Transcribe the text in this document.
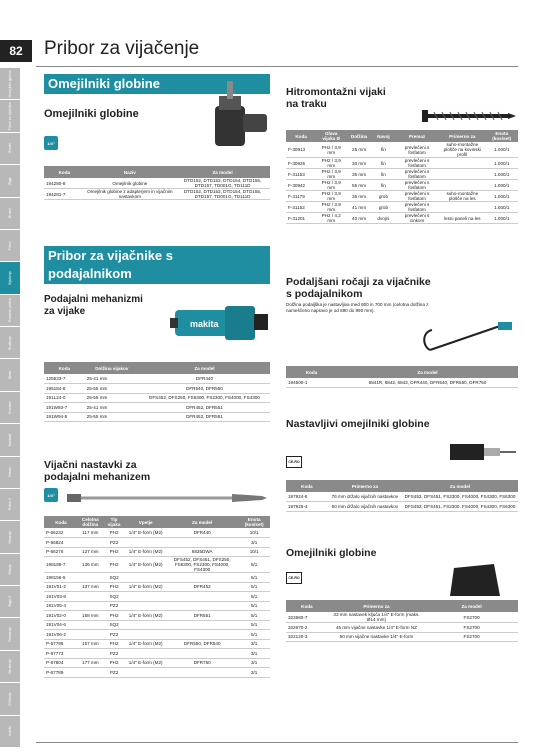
82	Pribor za vijačenje
Omejilniki globine
Pribor za vijačnike
Svedri
Žage
Brusni
Pribor
Vijačenje
Rezalne plošče
Brušenje
Dleta
Kronske
Nastavki
Ostalo
Pribor 2
Sesanje
Vrtanje
Žage 2
Rezkanje
Struženje
Čiščenje
Izdelki
Omejilniki globine
Omejilniki globine
1/4"
Koda	Naziv	Za model
194280-8	Omejilnik globine	DTD152, DTD153, DTD154, DTD155, DTD157, TD001G, TD111D
194281-7	Omejilnik globine z adapterjem in vijačnim nastavkom	DTD152, DTD153, DTD154, DTD155, DTD157, TD001G, TD111D
Pribor za vijačnike s
podajalnikom
Podajalni mehanizmi
za vijake
makita
Koda	Dolžina vijakov	Za model
125533-7	25-41 mm	DFR440
195184-8	25-55 mm	DFR540, DFR550
191L24-0	25-55 mm	DFS452, DFS250, FS6300, FS2300, FS4000, FS4300
191W93-7	25-41 mm	DFR452, DFR551
191W94-5	25-55 mm	DFR452, DFR551
Vijačni nastavki za
podajalni mehanizem
1/4"
Koda	Celotna dolžina	Tip vijaka	Vpetje	Za model	Enota (kos/set)
P-66232	117 mm	PH2	1/4" E-form (M2)	DFR440	10/1
P-66824		PZ2			3/1
P-66276	127 mm	PH2	1/4" E-form (M2)	6835DWA	10/1
198188-7	136 mm	PH2	1/4" E-form (M2)	DFS452, DFS451, DFS250, FS6300, FS2300, FS4000, FS4300	5/1
198156-5		SQ2			5/1
191V01-2	137 mm	PH2	1/4" E-form (M2)	DFR452	5/1
191V03-8		SQ2			5/1
191V05-4		PZ2			5/1
191V02-0	158 mm	PH2	1/4" E-form (M2)	DFR551	5/1
191V04-6		SQ2			5/1
191V06-2		PZ2			5/1
P-67795	157 mm	PH2	1/4" E-form (M2)	DFR550, DFR540	3/1
P-67773		PZ2			3/1
P-67804	177 mm	PH2	1/4" E-form (M2)	DFR750	3/1
P-67789		PZ2			3/1
Hitromontažni vijaki
na traku
Koda	Glava vijaka Ø	Dolžina	Navoj	Premaz	Primerno za	Enota (kos/set)
F-30913	PH2 / 3,9 mm	25 mm	fin	prevlečeni s fosfatom	suho-montažne plošče na kovinski profil	1.000/1
F-30925	PH2 / 3,9 mm	30 mm	fin	prevlečeni s fosfatom		1.000/1
F-31153	PH2 / 3,9 mm	35 mm	fin	prevlečeni s fosfatom		1.000/1
F-30942	PH2 / 3,9 mm	55 mm	fin	prevlečeni s fosfatom		1.000/1
F-31179	PH2 / 3,9 mm	35 mm	grob	prevlečeni s fosfatom	suho-montažne plošče na les	1.000/1
F-31152	PH2 / 3,9 mm	41 mm	grob	prevlečeni s fosfatom		1.000/1
F-31201	PH2 / 4,2 mm	40 mm	dvojni	prevlečeni s cinkom	lesni paneli na les	1.000/1
Podaljšani ročaji za vijačnike
s podajalnikom
Dolžina podaljška je nastavljiva med 600 in 700 mm (celotna dolžina z nameščeno napravo je od 890 do 990 mm).
Koda	Za model
194500-1	6841R, 6842, 6843, DFR440, DFR540, DFR550, DFR750
Nastavljivi omejilniki globine
CE-RO
Koda	Primerno za	Za model
197924-6	76 mm držalo vijačnih nastavkov	DFS452, DFS451, FS2300, FS4000, FS4300, FS6300
197925-4	60 mm držalo vijačnih nastavkov	DFS452, DFS451, FS2300, FS4000, FS4300, FS6300
Omejilniki globine
CE-RO
Koda	Primerno za	Za model
322660-7	33 mm nastavek ključa 1/4" E-form (maks. Ø14 mm)	FS2700
322670-2	45 mm vijačne nastavke 1/4" E-form NZ	FS2700
322120-3	50 mm vijačne nastavke 1/4" E-form	FS2700
